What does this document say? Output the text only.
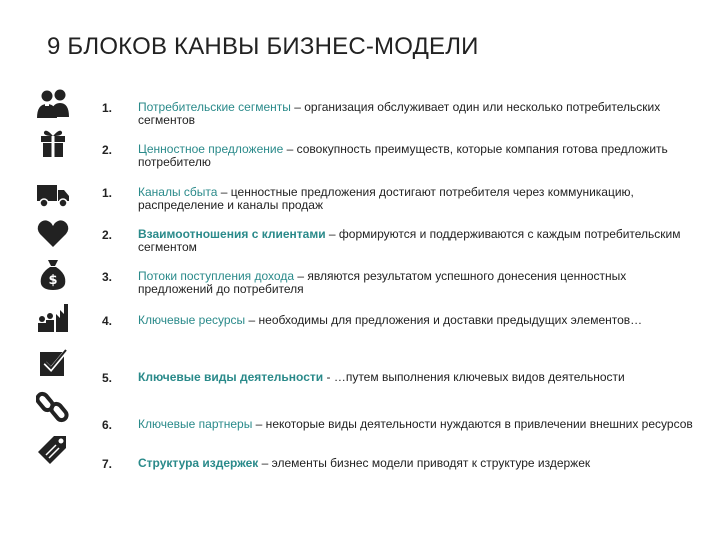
9 БЛОКОВ КАНВЫ БИЗНЕС-МОДЕЛИ
1. Потребительские сегменты – организация обслуживает один или несколько потребительских сегментов
2. Ценностное предложение – совокупность преимуществ, которые компания готова предложить потребителю
1. Каналы сбыта – ценностные предложения достигают потребителя через коммуникацию, распределение и каналы продаж
2. Взаимоотношения с клиентами – формируются и поддерживаются с каждым потребительским сегментом
$	3. Потоки поступления дохода – являются результатом успешного донесения ценностных предложений до потребителя
4. Ключевые ресурсы – необходимы для предложения и доставки предыдущих элементов…
5. Ключевые виды деятельности - …путем выполнения ключевых видов деятельности
6. Ключевые партнеры – некоторые виды деятельности нуждаются в привлечении внешних ресурсов
7. Структура издержек – элементы бизнес модели приводят к структуре издержек
